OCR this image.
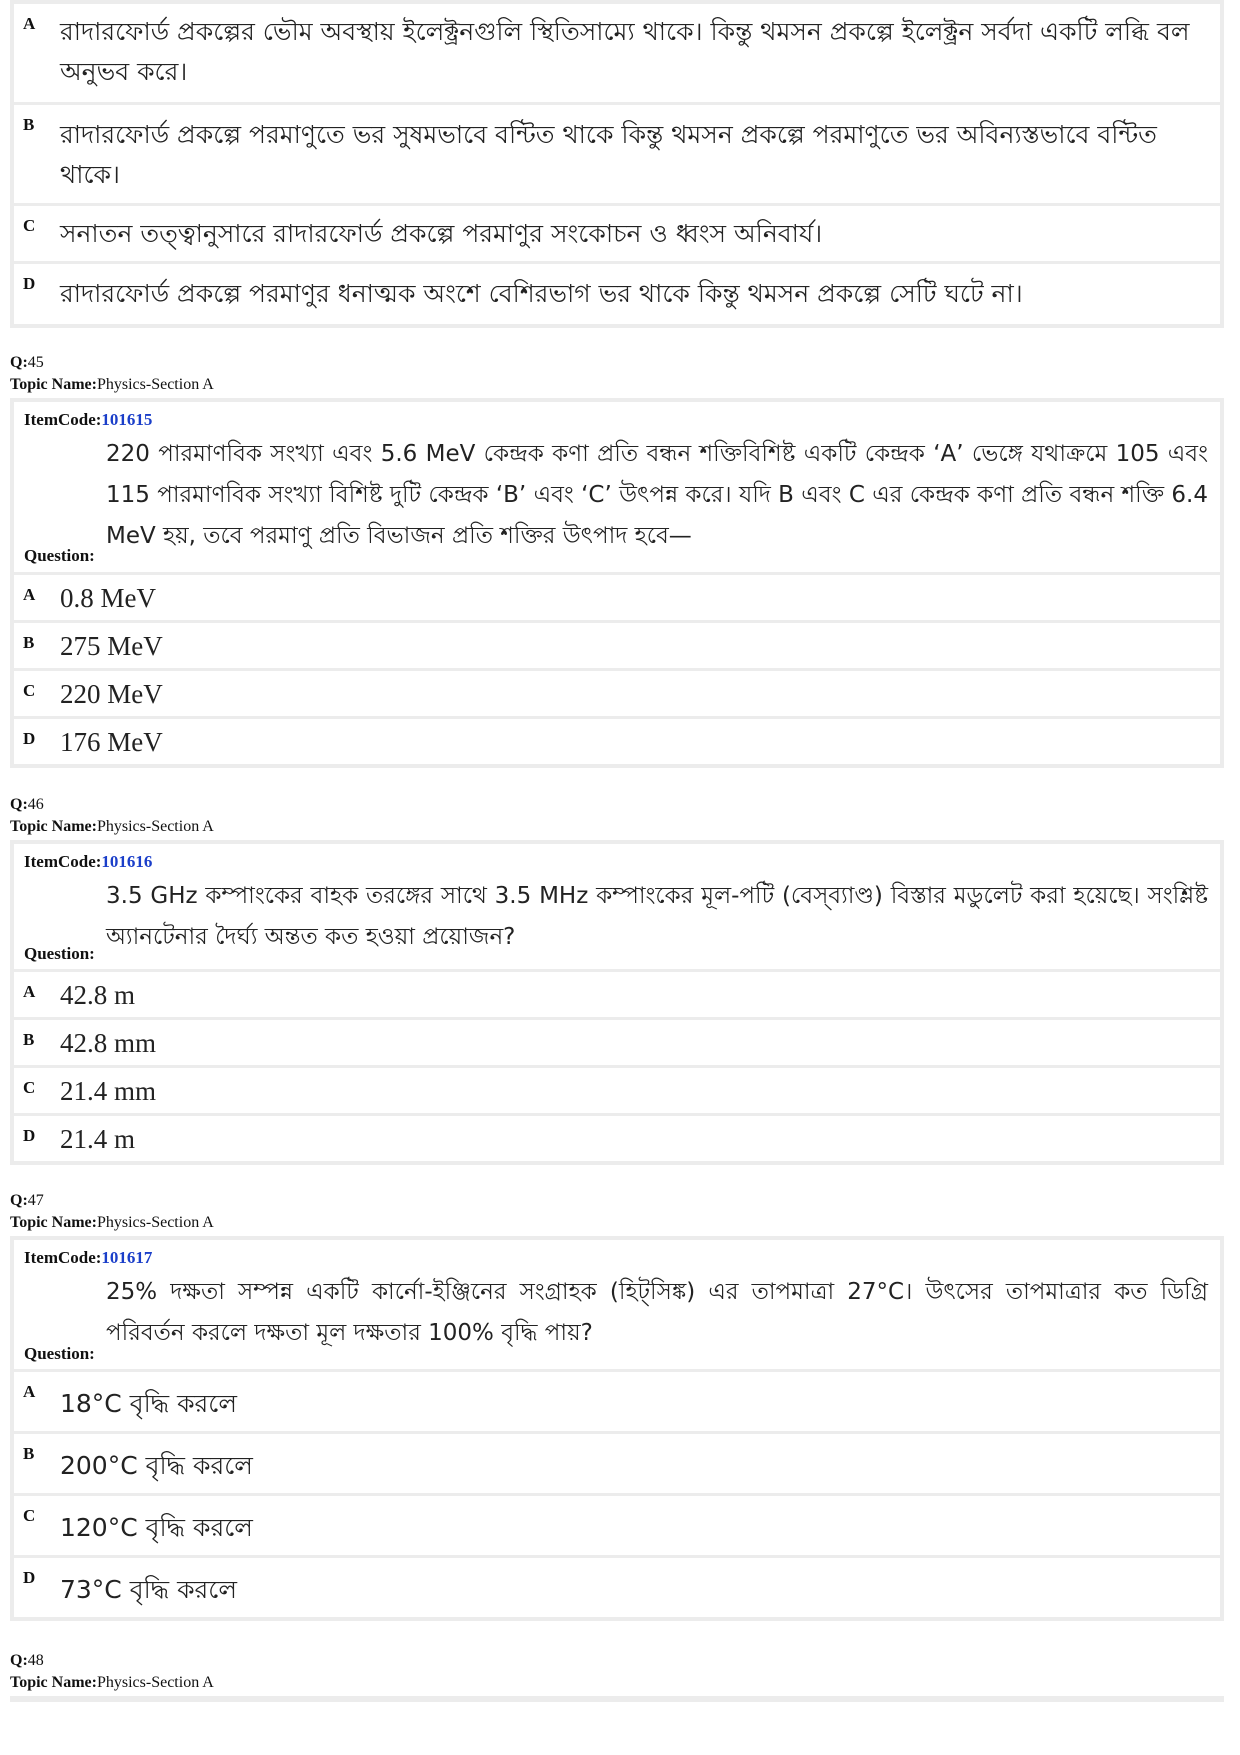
A রাদারফোর্ড প্রকল্পের ভৌম অবস্থায় ইলেক্ট্রনগুলি স্থিতিসাম্যে থাকে। কিন্তু থমসন প্রকল্পে ইলেক্ট্রন সর্বদা একটি লব্ধি বল অনুভব করে।
B রাদারফোর্ড প্রকল্পে পরমাণুতে ভর সুষমভাবে বন্টিত থাকে কিন্তু থমসন প্রকল্পে পরমাণুতে ভর অবিন্যস্তভাবে বন্টিত থাকে।
C সনাতন তত্ত্বানুসারে রাদারফোর্ড প্রকল্পে পরমাণুর সংকোচন ও ধ্বংস অনিবার্য।
D রাদারফোর্ড প্রকল্পে পরমাণুর ধনাত্মক অংশে বেশিরভাগ ভর থাকে কিন্তু থমসন প্রকল্পে সেটি ঘটে না।
Q:45
Topic Name:Physics-Section A
ItemCode:101615
220 পারমাণবিক সংখ্যা এবং 5.6 MeV কেন্দ্রক কণা প্রতি বন্ধন শক্তিবিশিষ্ট একটি কেন্দ্রক ‘A’ ভেঙ্গে যথাক্রমে 105 এবং 115 পারমাণবিক সংখ্যা বিশিষ্ট দুটি কেন্দ্রক ‘B’ এবং ‘C’ উৎপন্ন করে। যদি B এবং C এর কেন্দ্রক কণা প্রতি বন্ধন শক্তি 6.4 MeV হয়, তবে পরমাণু প্রতি বিভাজন প্রতি শক্তির উৎপাদ হবে—
Question:
A 0.8 MeV
B 275 MeV
C 220 MeV
D 176 MeV
Q:46
Topic Name:Physics-Section A
ItemCode:101616
3.5 GHz কম্পাংকের বাহক তরঙ্গের সাথে 3.5 MHz কম্পাংকের মূল-পটি (বেস্‌ব্যাণ্ড) বিস্তার মডুলেট করা হয়েছে। সংশ্লিষ্ট অ্যানটেনার দৈর্ঘ্য অন্তত কত হওয়া প্রয়োজন?
Question:
A 42.8 m
B 42.8 mm
C 21.4 mm
D 21.4 m
Q:47
Topic Name:Physics-Section A
ItemCode:101617
25% দক্ষতা সম্পন্ন একটি কার্নো-ইঞ্জিনের সংগ্রাহক (হিট্‌সিঙ্ক) এর তাপমাত্রা 27°C। উৎসের তাপমাত্রার কত ডিগ্রি পরিবর্তন করলে দক্ষতা মূল দক্ষতার 100% বৃদ্ধি পায়?
Question:
A 18°C বৃদ্ধি করলে
B 200°C বৃদ্ধি করলে
C 120°C বৃদ্ধি করলে
D 73°C বৃদ্ধি করলে
Q:48
Topic Name:Physics-Section A
